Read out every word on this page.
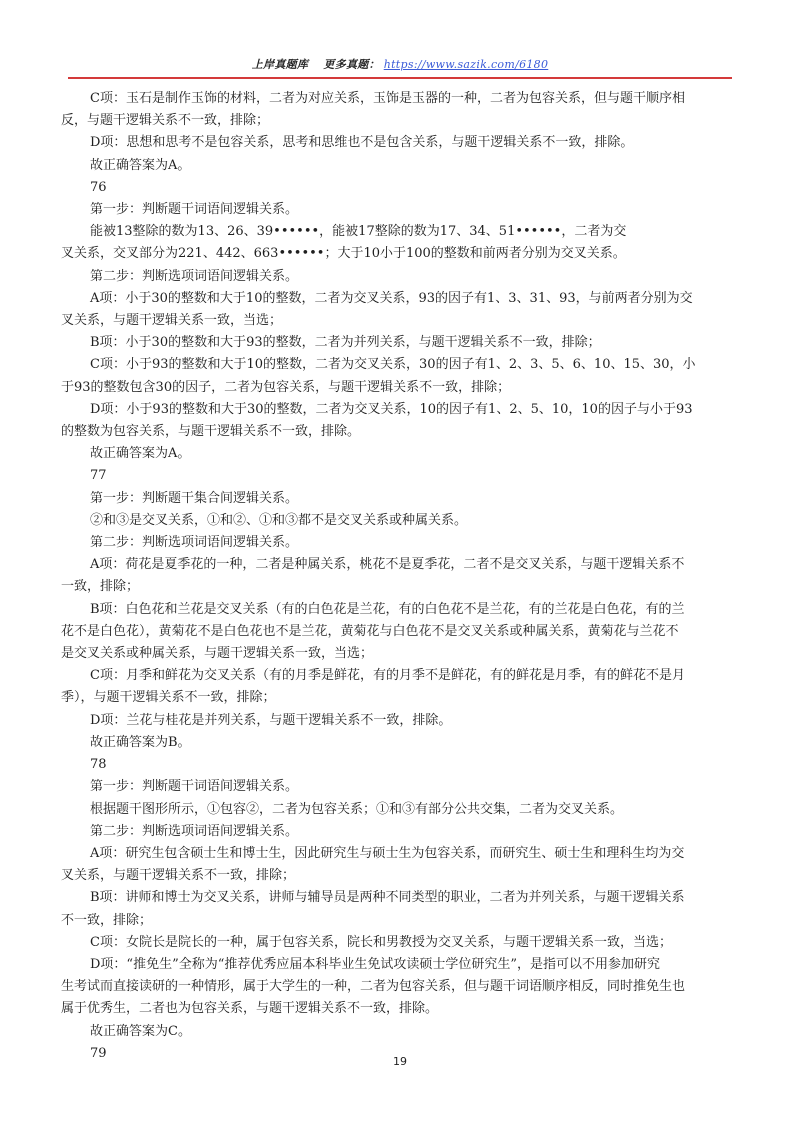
上岸真题库 更多真题： https://www.sazik.com/6180

C项：玉石是制作玉饰的材料，二者为对应关系，玉饰是玉器的一种，二者为包容关系，但与题干顺序相

反，与题干逻辑关系不一致，排除；

D项：思想和思考不是包容关系，思考和思维也不是包含关系，与题干逻辑关系不一致，排除。

故正确答案为A。

76

第一步：判断题干词语间逻辑关系。

能被13整除的数为13、26、39••••••，能被17整除的数为17、34、51••••••，二者为交

叉关系，交叉部分为221、442、663••••••；大于10小于100的整数和前两者分别为交叉关系。

第二步：判断选项词语间逻辑关系。

A项：小于30的整数和大于10的整数，二者为交叉关系，93的因子有1、3、31、93，与前两者分别为交

叉关系，与题干逻辑关系一致，当选；

B项：小于30的整数和大于93的整数，二者为并列关系，与题干逻辑关系不一致，排除；

C项：小于93的整数和大于10的整数，二者为交叉关系，30的因子有1、2、3、5、6、10、15、30，小

于93的整数包含30的因子，二者为包容关系，与题干逻辑关系不一致，排除；

D项：小于93的整数和大于30的整数，二者为交叉关系，10的因子有1、2、5、10，10的因子与小于93

的整数为包容关系，与题干逻辑关系不一致，排除。

故正确答案为A。

77

第一步：判断题干集合间逻辑关系。

②和③是交叉关系，①和②、①和③都不是交叉关系或种属关系。

第二步：判断选项词语间逻辑关系。

A项：荷花是夏季花的一种，二者是种属关系，桃花不是夏季花，二者不是交叉关系，与题干逻辑关系不

一致，排除；

B项：白色花和兰花是交叉关系（有的白色花是兰花，有的白色花不是兰花，有的兰花是白色花，有的兰

花不是白色花），黄菊花不是白色花也不是兰花，黄菊花与白色花不是交叉关系或种属关系，黄菊花与兰花不

是交叉关系或种属关系，与题干逻辑关系一致，当选；

C项：月季和鲜花为交叉关系（有的月季是鲜花，有的月季不是鲜花，有的鲜花是月季，有的鲜花不是月

季），与题干逻辑关系不一致，排除；

D项：兰花与桂花是并列关系，与题干逻辑关系不一致，排除。

故正确答案为B。

78

第一步：判断题干词语间逻辑关系。

根据题干图形所示，①包容②，二者为包容关系；①和③有部分公共交集，二者为交叉关系。

第二步：判断选项词语间逻辑关系。

A项：研究生包含硕士生和博士生，因此研究生与硕士生为包容关系，而研究生、硕士生和理科生均为交

叉关系，与题干逻辑关系不一致，排除；

B项：讲师和博士为交叉关系，讲师与辅导员是两种不同类型的职业，二者为并列关系，与题干逻辑关系

不一致，排除；

C项：女院长是院长的一种，属于包容关系，院长和男教授为交叉关系，与题干逻辑关系一致，当选；

D项：“推免生”全称为“推荐优秀应届本科毕业生免试攻读硕士学位研究生”，是指可以不用参加研究

生考试而直接读研的一种情形，属于大学生的一种，二者为包容关系，但与题干词语顺序相反，同时推免生也

属于优秀生，二者也为包容关系，与题干逻辑关系不一致，排除。

故正确答案为C。

79

19
